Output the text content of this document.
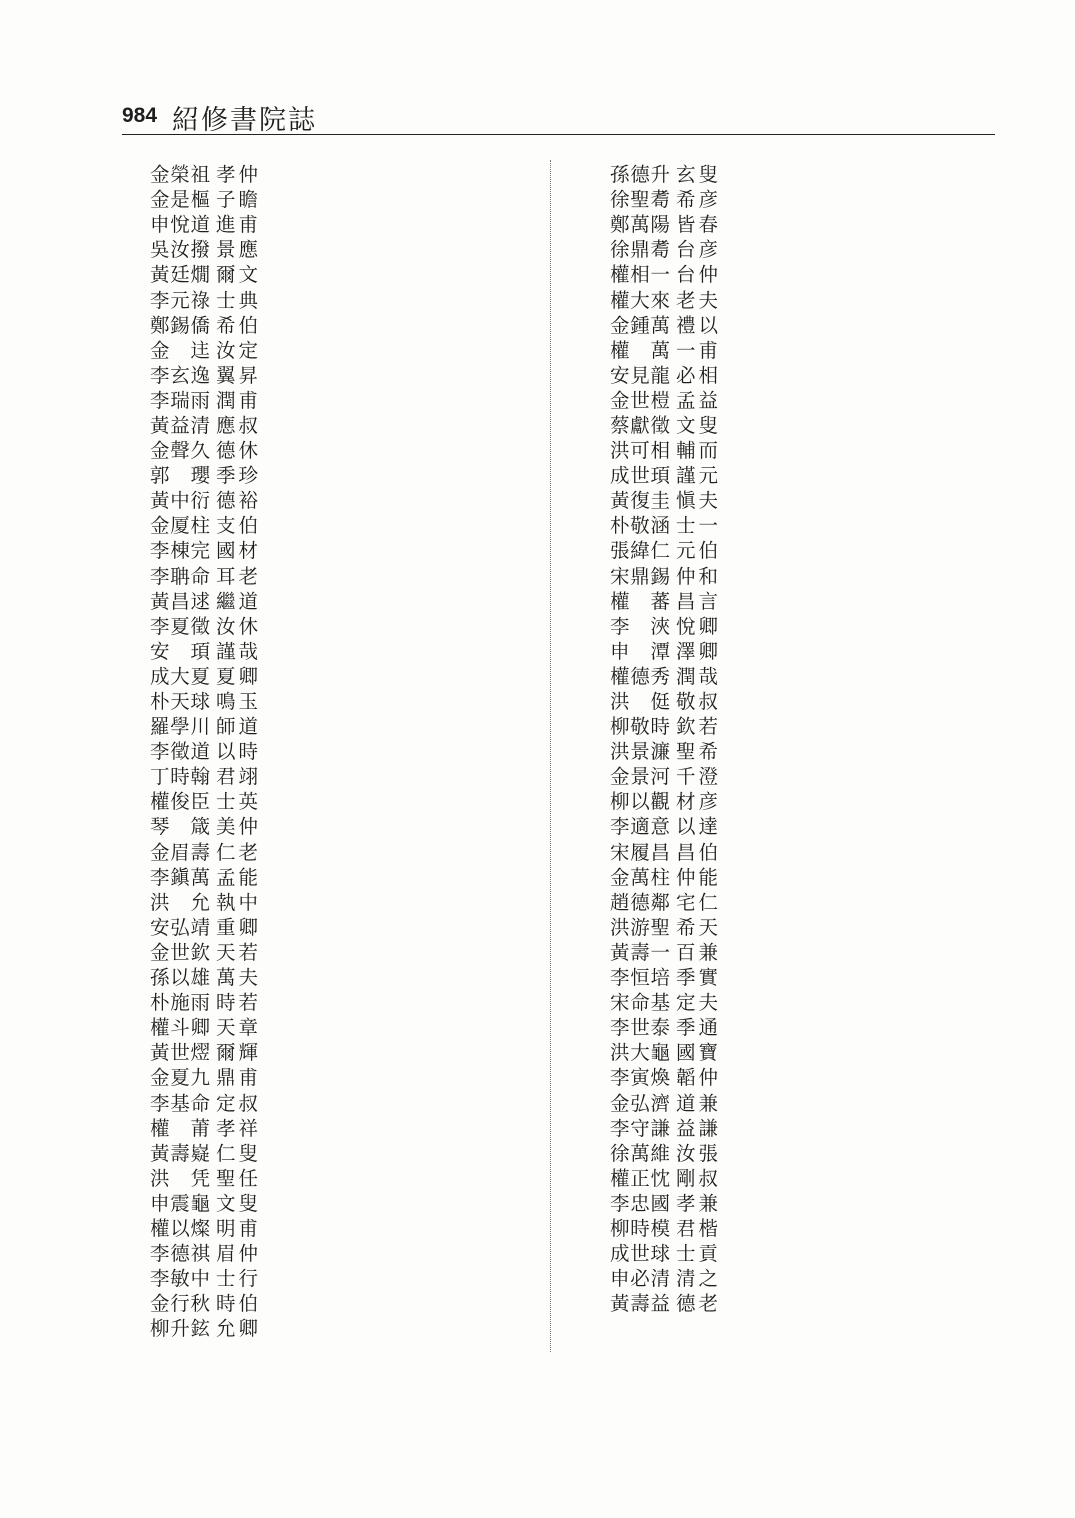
984 紹修書院誌
金榮祖 孝仲
金是樞 子瞻
申悅道 進甫
吳汝撥 景應
黃廷燗 爾文
李元祿 士典
鄭錫僑 希伯
金　迬 汝定
李玄逸 翼昇
李瑞雨 潤甫
黃益清 應叔
金聲久 德休
郭　瓔 季珍
黃中衍 德裕
金厦柱 支伯
李棟完 國材
李聃命 耳老
黃昌逑 繼道
李夏徵 汝休
安　頊 謹哉
成大夏 夏卿
朴天球 鳴玉
羅學川 師道
李徵道 以時
丁時翰 君翊
權俊臣 士英
琴　箴 美仲
金眉壽 仁老
李鎭萬 孟能
洪　允 執中
安弘靖 重卿
金世欽 天若
孫以雄 萬夫
朴施雨 時若
權斗卿 天章
黃世熤 爾輝
金夏九 鼎甫
李基命 定叔
權　莆 孝祥
黃壽嶷 仁叟
洪　凭 聖任
申震龜 文叟
權以燦 明甫
李德祺 眉仲
李敏中 士行
金行秋 時伯
柳升鉉 允卿
孫德升 玄叟
徐聖耈 希彦
鄭萬陽 皆春
徐鼎耈 台彦
權相一 台仲
權大來 老夫
金鍾萬 禮以
權　萬 一甫
安見龍 必相
金世榿 孟益
蔡獻徵 文叟
洪可相 輔而
成世頊 謹元
黃復圭 愼夫
朴敬涵 士一
張緯仁 元伯
宋鼎錫 仲和
權　蕃 昌言
李　浹 悅卿
申　潭 澤卿
權德秀 潤哉
洪　侹 敬叔
柳敬時 欽若
洪景濂 聖希
金景河 千澄
柳以觀 材彦
李適意 以達
宋履昌 昌伯
金萬柱 仲能
趙德鄰 宅仁
洪游聖 希天
黃壽一 百兼
李恒培 季實
宋命基 定夫
李世泰 季通
洪大龜 國寶
李寅煥 韜仲
金弘濟 道兼
李守謙 益謙
徐萬維 汝張
權正忱 剛叔
李忠國 孝兼
柳時模 君楷
成世球 士貢
申必清 清之
黃壽益 德老
